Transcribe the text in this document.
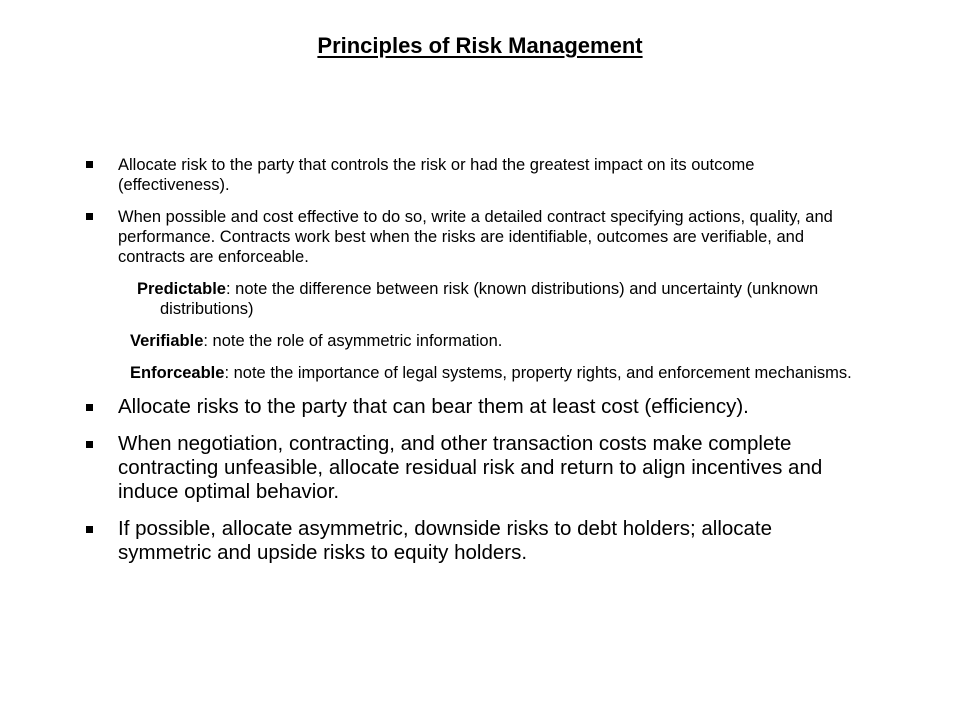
Principles of Risk Management
Allocate risk to the party that controls the risk or had the greatest impact on its outcome (effectiveness).
When possible and cost effective to do so, write a detailed contract specifying actions, quality, and performance. Contracts work best when the risks are identifiable, outcomes are verifiable, and contracts are enforceable.
Predictable: note the difference between risk (known distributions) and uncertainty (unknown distributions)
Verifiable: note the role of asymmetric information.
Enforceable: note the importance of legal systems, property rights, and enforcement mechanisms.
Allocate risks to the party that can bear them at least cost (efficiency).
When negotiation, contracting, and other transaction costs make complete contracting unfeasible, allocate residual risk and return to align incentives and induce optimal behavior.
If possible, allocate asymmetric, downside risks to debt holders; allocate symmetric and upside risks to equity holders.
